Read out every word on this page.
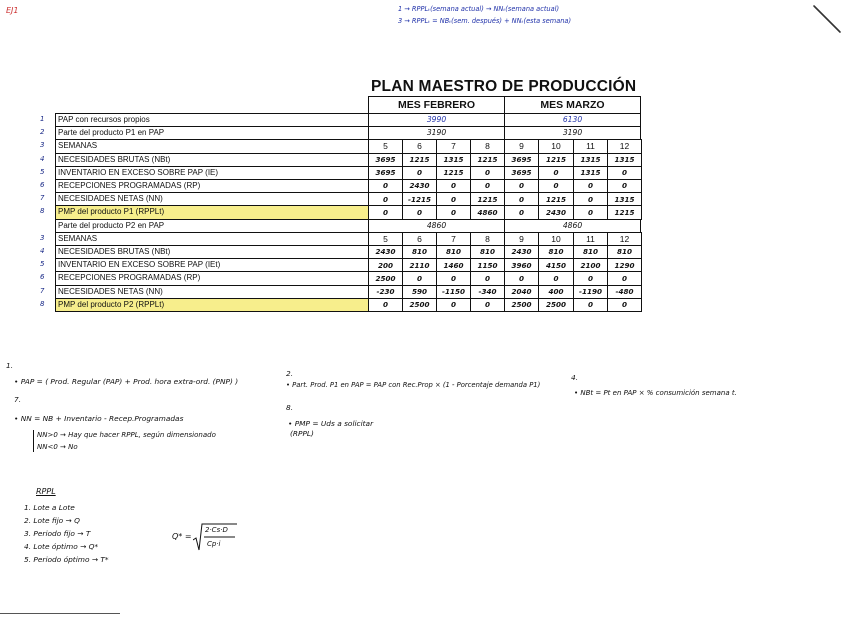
EJ1	1 → RPPLₜ(semana actual) → NNₜ(semana actual)
3 → RPPLₜ = NBₜ(sem. después) + NNₜ(esta semana)
PLAN MAESTRO DE PRODUCCIÓN
MES FEBRERO	MES MARZO
PAP con recursos propios	3990	6130
Parte del producto P1 en PAP	3190	3190
SEMANAS	5	6	7	8	9	10	11	12
NECESIDADES BRUTAS (NBt)	3695	1215	1315	1215	3695	1215	1315	1315
INVENTARIO EN EXCESO SOBRE PAP (IE)	3695	0	1215	0	3695	0	1315	0
RECEPCIONES PROGRAMADAS (RP)	0	2430	0	0	0	0	0	0
NECESIDADES NETAS (NN)	0	-1215	0	1215	0	1215	0	1315
PMP del producto P1 (RPPLt)	0	0	0	4860	0	2430	0	1215
Parte del producto P2 en PAP	4860	4860
SEMANAS	5	6	7	8	9	10	11	12
NECESIDADES BRUTAS (NBt)	2430	810	810	810	2430	810	810	810
INVENTARIO EN EXCESO SOBRE PAP (IEt)	200	2110	1460	1150	3960	4150	2100	1290
RECEPCIONES PROGRAMADAS (RP)	2500	0	0	0	0	0	0	0
NECESIDADES NETAS (NN)	-230	590	-1150	-340	2040	400	-1190	-480
PMP del producto P2 (RPPLt)	0	2500	0	0	2500	2500	0	0
1.
• PAP = ( Prod. Regular (PAP) + Prod. hora extra-ord. (PNP) )
7.
• NN = NB + Inventario - Recep.Programadas
NN>0 → Hay que hacer RPPL, según dimensionado
NN<0 → No
2.
• Part. Prod. P1 en PAP = PAP con Rec.Prop × (1 - Porcentaje demanda P1)
8.
• PMP = Uds a solicitar
(RPPL)
4.
• NBt = Pt en PAP × % consumición semana t.
RPPL
1. Lote a Lote
2. Lote fijo → Q
3. Periodo fijo → T
4. Lote óptimo → Q*
5. Periodo óptimo → T*
Q* =
2·Cs·D
Cp·i
1
2
3
4
5
6
7
8
3
4
5
6
7
8
